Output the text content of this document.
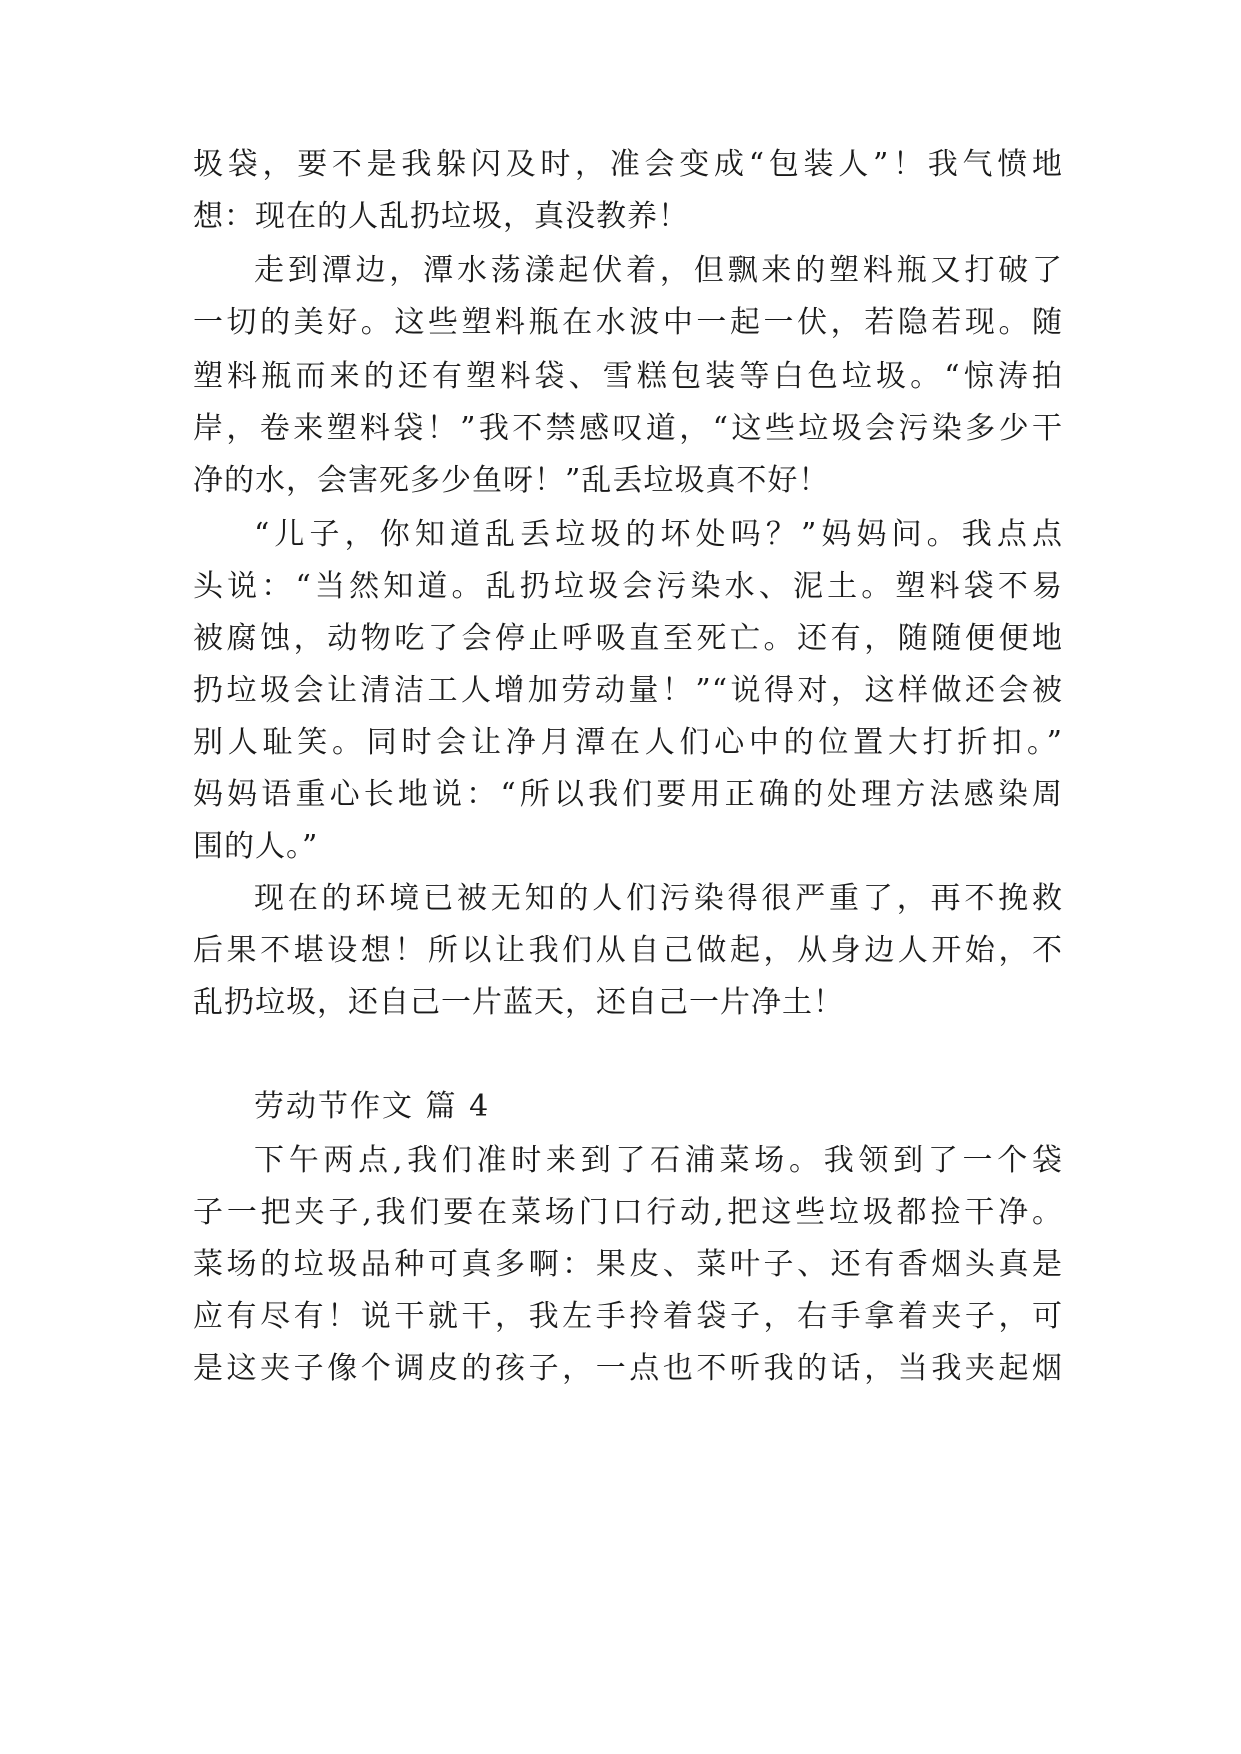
圾袋，要不是我躲闪及时，准会变成“包装人”！我气愤地
想：现在的人乱扔垃圾，真没教养！
走到潭边，潭水荡漾起伏着，但飘来的塑料瓶又打破了
一切的美好。这些塑料瓶在水波中一起一伏，若隐若现。随
塑料瓶而来的还有塑料袋、雪糕包装等白色垃圾。“惊涛拍
岸，卷来塑料袋！”我不禁感叹道，“这些垃圾会污染多少干
净的水，会害死多少鱼呀！”乱丢垃圾真不好！
“儿子，你知道乱丢垃圾的坏处吗？”妈妈问。我点点
头说：“当然知道。乱扔垃圾会污染水、泥土。塑料袋不易
被腐蚀，动物吃了会停止呼吸直至死亡。还有，随随便便地
扔垃圾会让清洁工人增加劳动量！”“说得对，这样做还会被
别人耻笑。同时会让净月潭在人们心中的位置大打折扣。”
妈妈语重心长地说：“所以我们要用正确的处理方法感染周
围的人。”
现在的环境已被无知的人们污染得很严重了，再不挽救
后果不堪设想！所以让我们从自己做起，从身边人开始，不
乱扔垃圾，还自己一片蓝天，还自己一片净土！
劳动节作文 篇 4
下午两点,我们准时来到了石浦菜场。我领到了一个袋
子一把夹子,我们要在菜场门口行动,把这些垃圾都捡干净。
菜场的垃圾品种可真多啊：果皮、菜叶子、还有香烟头真是
应有尽有！说干就干，我左手拎着袋子，右手拿着夹子，可
是这夹子像个调皮的孩子，一点也不听我的话，当我夹起烟
